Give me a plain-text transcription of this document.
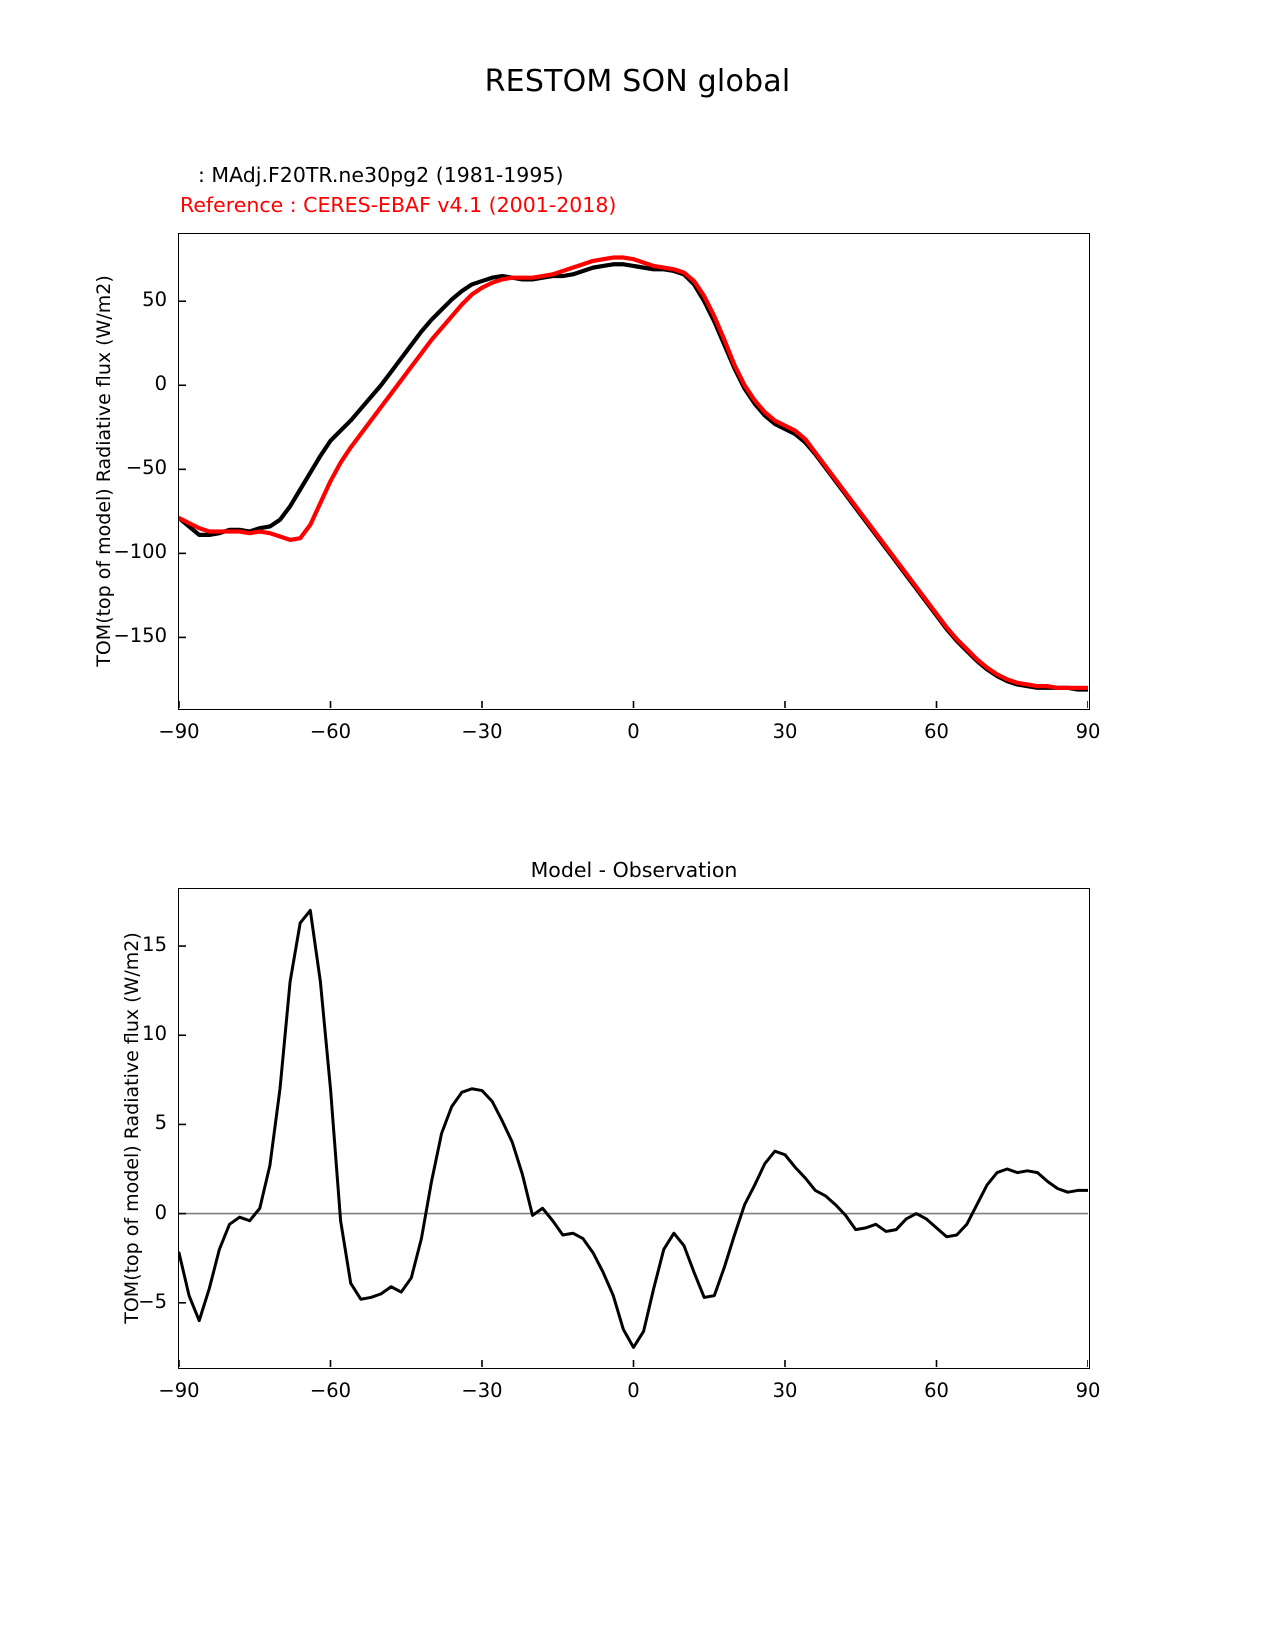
RESTOM SON global
: MAdj.F20TR.ne30pg2 (1981-1995)
Reference : CERES-EBAF v4.1 (2001-2018)
TOM(top of model) Radiative flux (W/m2)
−90	−60	−30	0	30	60	90
50
0
−50
−100
−150
Model - Observation
TOM(top of model) Radiative flux (W/m2)
−90	−60	−30	0	30	60	90
15
10
5
0
−5
